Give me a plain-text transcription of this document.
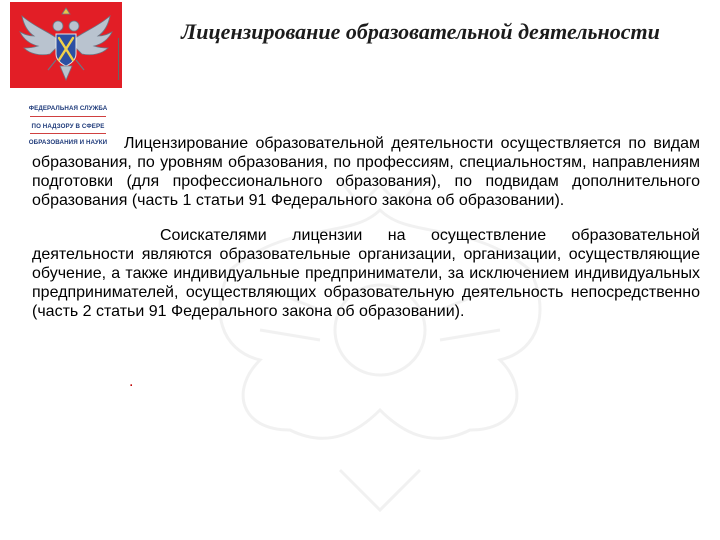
ФЕДЕРАЛЬНАЯ СЛУЖБА
ПО НАДЗОРУ В СФЕРЕ
ОБРАЗОВАНИЯ И НАУКИ
Лицензирование образовательной деятельности

Лицензирование образовательной деятельности осуществляется по видам образования, по уровням образования, по профессиям, специальностям, направлениям подготовки (для профессионального образования), по подвидам дополнительного образования (часть 1 статьи 91 Федерального закона об образовании).

Соискателями лицензии на осуществление образовательной деятельности являются образовательные организации, организации, осуществляющие обучение, а также индивидуальные предприниматели, за исключением индивидуальных предпринимателей, осуществляющих образовательную деятельность непосредственно (часть 2 статьи 91 Федерального закона об образовании).

.
